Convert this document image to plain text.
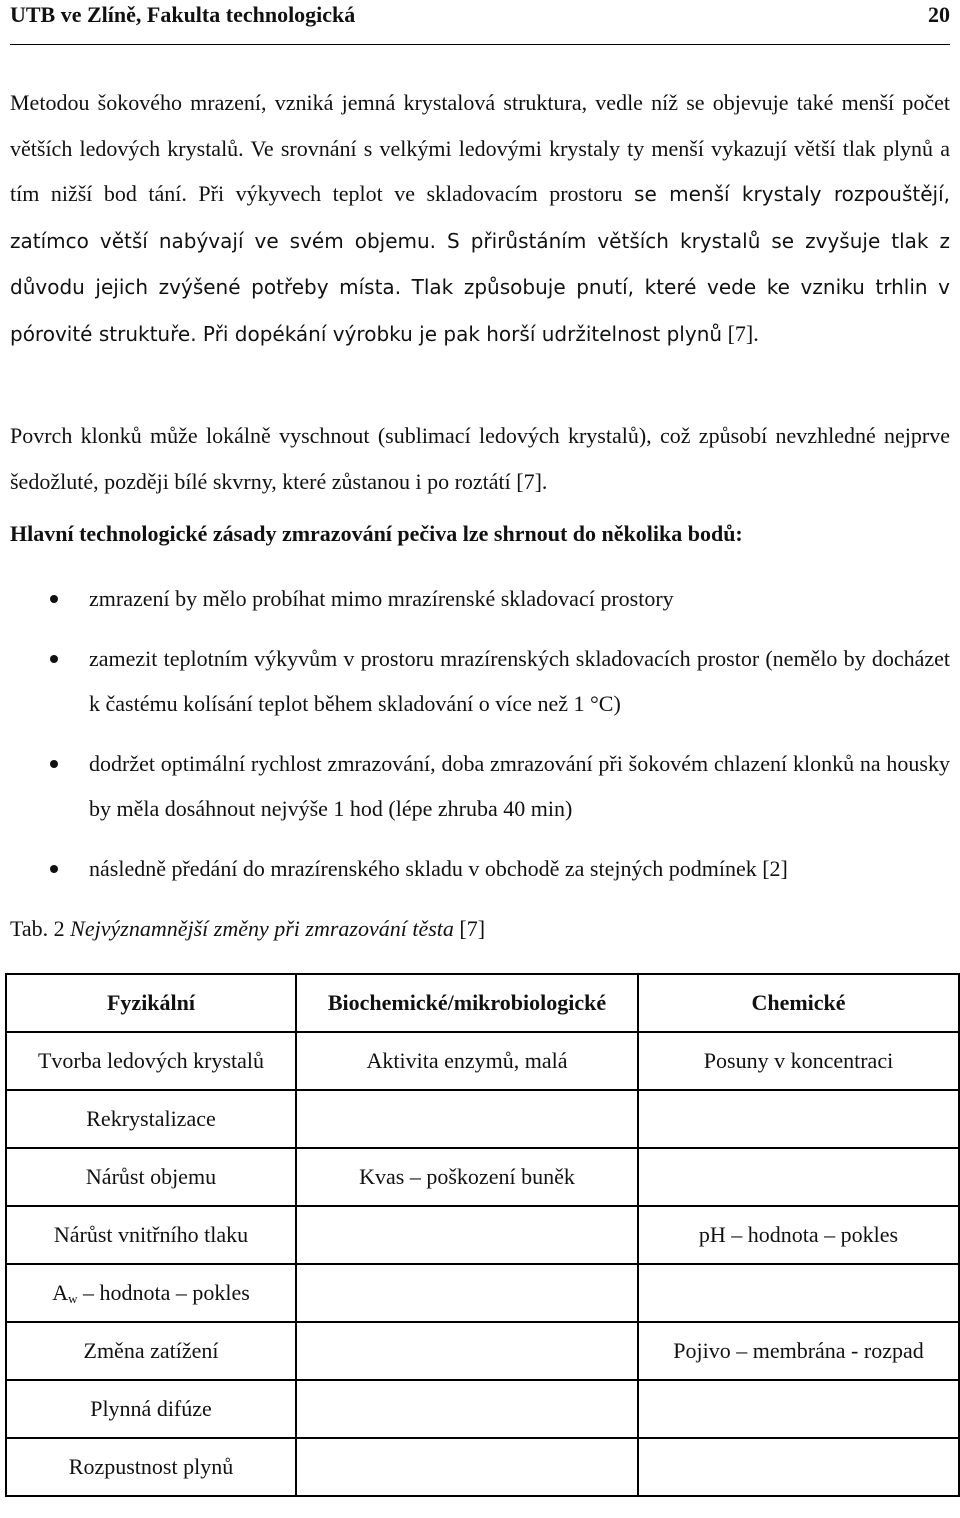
UTB ve Zlíně, Fakulta technologická	20

Metodou šokového mrazení, vzniká jemná krystalová struktura, vedle níž se objevuje také menší počet větších ledových krystalů. Ve srovnání s velkými ledovými krystaly ty menší vykazují větší tlak plynů a tím nižší bod tání. Při výkyvech teplot ve skladovacím prostoru se menší krystaly rozpouštějí, zatímco větší nabývají ve svém objemu. S přirůstáním větších krystalů se zvyšuje tlak z důvodu jejich zvýšené potřeby místa. Tlak způsobuje pnutí, které vede ke vzniku trhlin v pórovité struktuře. Při dopékání výrobku je pak horší udržitelnost plynů [7].

Povrch klonků může lokálně vyschnout (sublimací ledových krystalů), což způsobí nevzhledné nejprve šedožluté, později bílé skvrny, které zůstanou i po roztátí [7].

Hlavní technologické zásady zmrazování pečiva lze shrnout do několika bodů:

zmrazení by mělo probíhat mimo mrazírenské skladovací prostory
zamezit teplotním výkyvům v prostoru mrazírenských skladovacích prostor (nemělo by docházet k častému kolísání teplot během skladování o více než 1 °C)
dodržet optimální rychlost zmrazování, doba zmrazování při šokovém chlazení klonků na housky by měla dosáhnout nejvýše 1 hod (lépe zhruba 40 min)
následně předání do mrazírenského skladu v obchodě za stejných podmínek [2]
Tab. 2 Nejvýznamnější změny při zmrazování těsta [7]
Fyzikální	Biochemické/mikrobiologické	Chemické
Tvorba ledových krystalů	Aktivita enzymů, malá	Posuny v koncentraci
Rekrystalizace		
Nárůst objemu	Kvas – poškození buněk	
Nárůst vnitřního tlaku		pH – hodnota – pokles
$A_w$ – hodnota – pokles		
Změna zatížení		Pojivo – membrána - rozpad
Plynná difúze		
Rozpustnost plynů		
